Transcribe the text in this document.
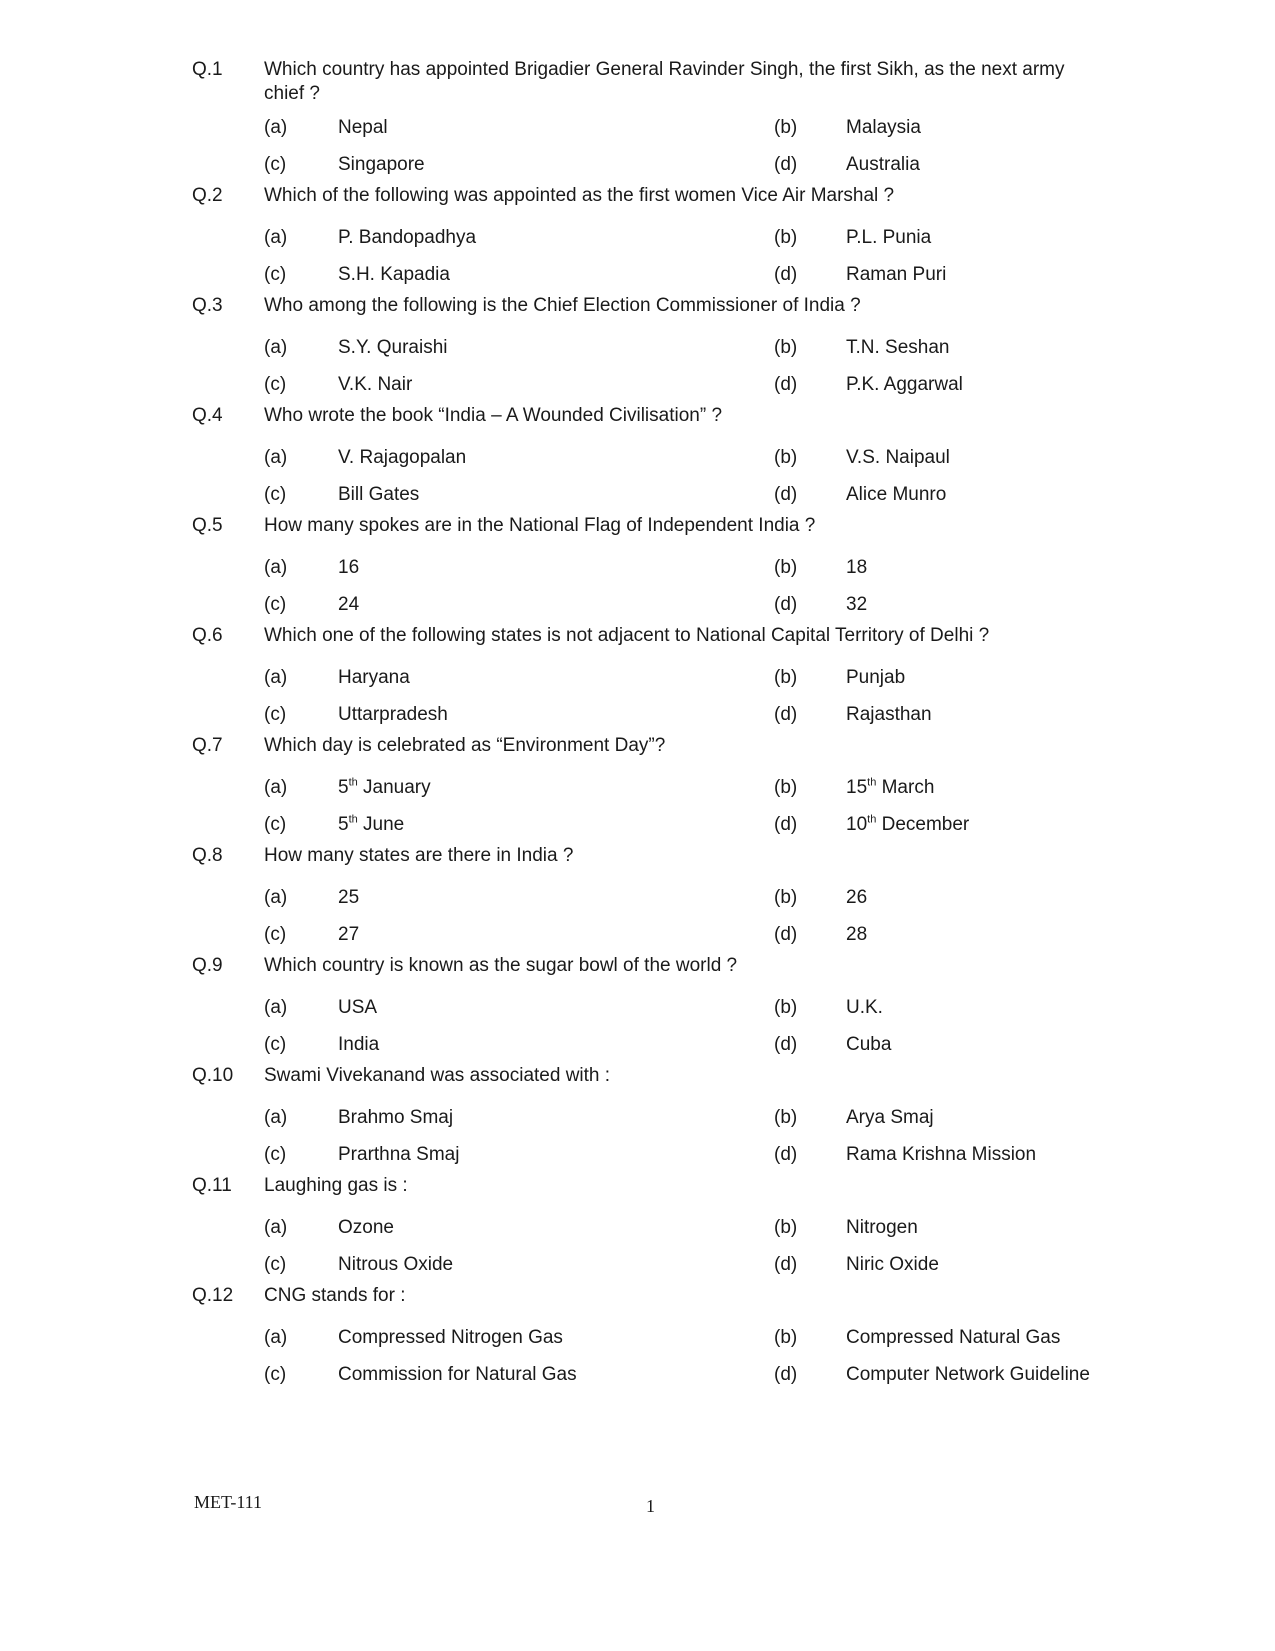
Q.1 Which country has appointed Brigadier General Ravinder Singh, the first Sikh, as the next army chief ?
(a)	Nepal	(b)	Malaysia
(c)	Singapore	(d)	Australia
Q.2 Which of the following was appointed as the first women Vice Air Marshal ?
(a)	P. Bandopadhya	(b)	P.L. Punia
(c)	S.H. Kapadia	(d)	Raman Puri
Q.3 Who among the following is the Chief Election Commissioner of India ?
(a)	S.Y. Quraishi	(b)	T.N. Seshan
(c)	V.K. Nair	(d)	P.K. Aggarwal
Q.4 Who wrote the book “India – A Wounded Civilisation” ?
(a)	V. Rajagopalan	(b)	V.S. Naipaul
(c)	Bill Gates	(d)	Alice Munro
Q.5 How many spokes are in the National Flag of Independent India ?
(a)	16	(b)	18
(c)	24	(d)	32
Q.6 Which one of the following states is not adjacent to National Capital Territory of Delhi ?
(a)	Haryana	(b)	Punjab
(c)	Uttarpradesh	(d)	Rajasthan
Q.7 Which day is celebrated as “Environment Day”?
(a)	5th January	(b)	15th March
(c)	5th June	(d)	10th December
Q.8 How many states are there in India ?
(a)	25	(b)	26
(c)	27	(d)	28
Q.9 Which country is known as the sugar bowl of the world ?
(a)	USA	(b)	U.K.
(c)	India	(d)	Cuba
Q.10 Swami Vivekanand was associated with :
(a)	Brahmo Smaj	(b)	Arya Smaj
(c)	Prarthna Smaj	(d)	Rama Krishna Mission
Q.11 Laughing gas is :
(a)	Ozone	(b)	Nitrogen
(c)	Nitrous Oxide	(d)	Niric Oxide
Q.12 CNG stands for :
(a)	Compressed Nitrogen Gas	(b)	Compressed Natural Gas
(c)	Commission for Natural Gas	(d)	Computer Network Guideline
MET-111	1
